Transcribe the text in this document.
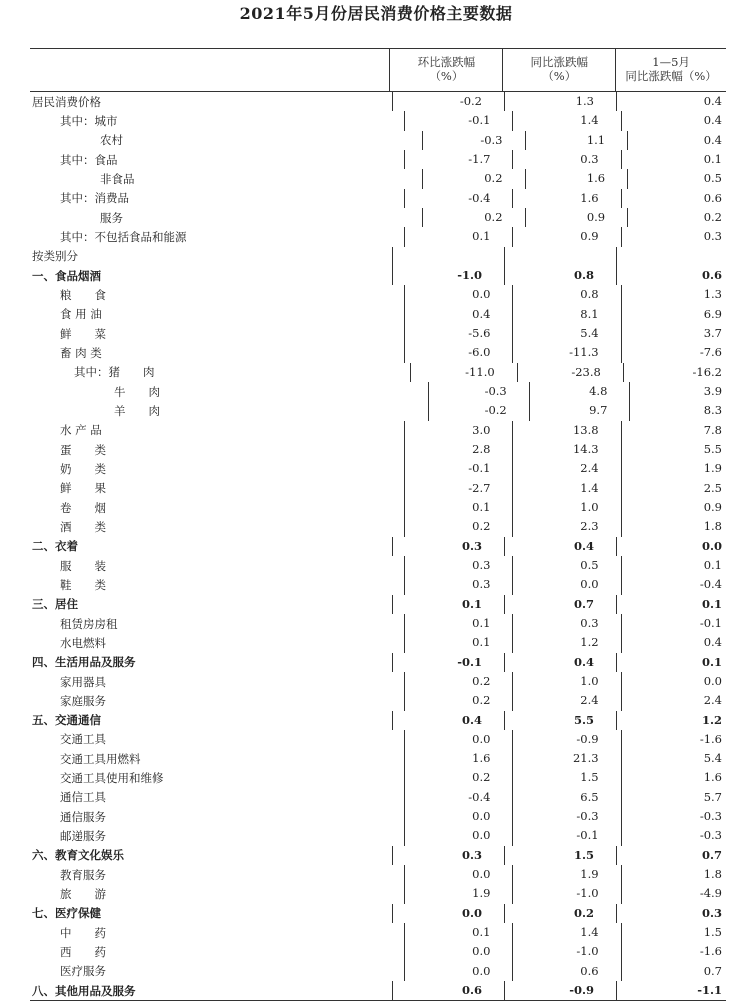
2021年5月份居民消费价格主要数据
环比涨跌幅
（%）
同比涨跌幅
（%）
1—5月
同比涨跌幅（%）
居民消费价格	-0.2	1.3	0.4
其中：城市	-0.1	1.4	0.4
农村	-0.3	1.1	0.4
其中：食品	-1.7	0.3	0.1
非食品	0.2	1.6	0.5
其中：消费品	-0.4	1.6	0.6
服务	0.2	0.9	0.2
其中：不包括食品和能源	0.1	0.9	0.3
按类别分
一、食品烟酒	-1.0	0.8	0.6
粮　　食	0.0	0.8	1.3
食 用 油	0.4	8.1	6.9
鲜　　菜	-5.6	5.4	3.7
畜 肉 类	-6.0	-11.3	-7.6
其中：猪　　肉	-11.0	-23.8	-16.2
牛　　肉	-0.3	4.8	3.9
羊　　肉	-0.2	9.7	8.3
水 产 品	3.0	13.8	7.8
蛋　　类	2.8	14.3	5.5
奶　　类	-0.1	2.4	1.9
鲜　　果	-2.7	1.4	2.5
卷　　烟	0.1	1.0	0.9
酒　　类	0.2	2.3	1.8
二、衣着	0.3	0.4	0.0
服　　装	0.3	0.5	0.1
鞋　　类	0.3	0.0	-0.4
三、居住	0.1	0.7	0.1
租赁房房租	0.1	0.3	-0.1
水电燃料	0.1	1.2	0.4
四、生活用品及服务	-0.1	0.4	0.1
家用器具	0.2	1.0	0.0
家庭服务	0.2	2.4	2.4
五、交通通信	0.4	5.5	1.2
交通工具	0.0	-0.9	-1.6
交通工具用燃料	1.6	21.3	5.4
交通工具使用和维修	0.2	1.5	1.6
通信工具	-0.4	6.5	5.7
通信服务	0.0	-0.3	-0.3
邮递服务	0.0	-0.1	-0.3
六、教育文化娱乐	0.3	1.5	0.7
教育服务	0.0	1.9	1.8
旅　　游	1.9	-1.0	-4.9
七、医疗保健	0.0	0.2	0.3
中　　药	0.1	1.4	1.5
西　　药	0.0	-1.0	-1.6
医疗服务	0.0	0.6	0.7
八、其他用品及服务	0.6	-0.9	-1.1
